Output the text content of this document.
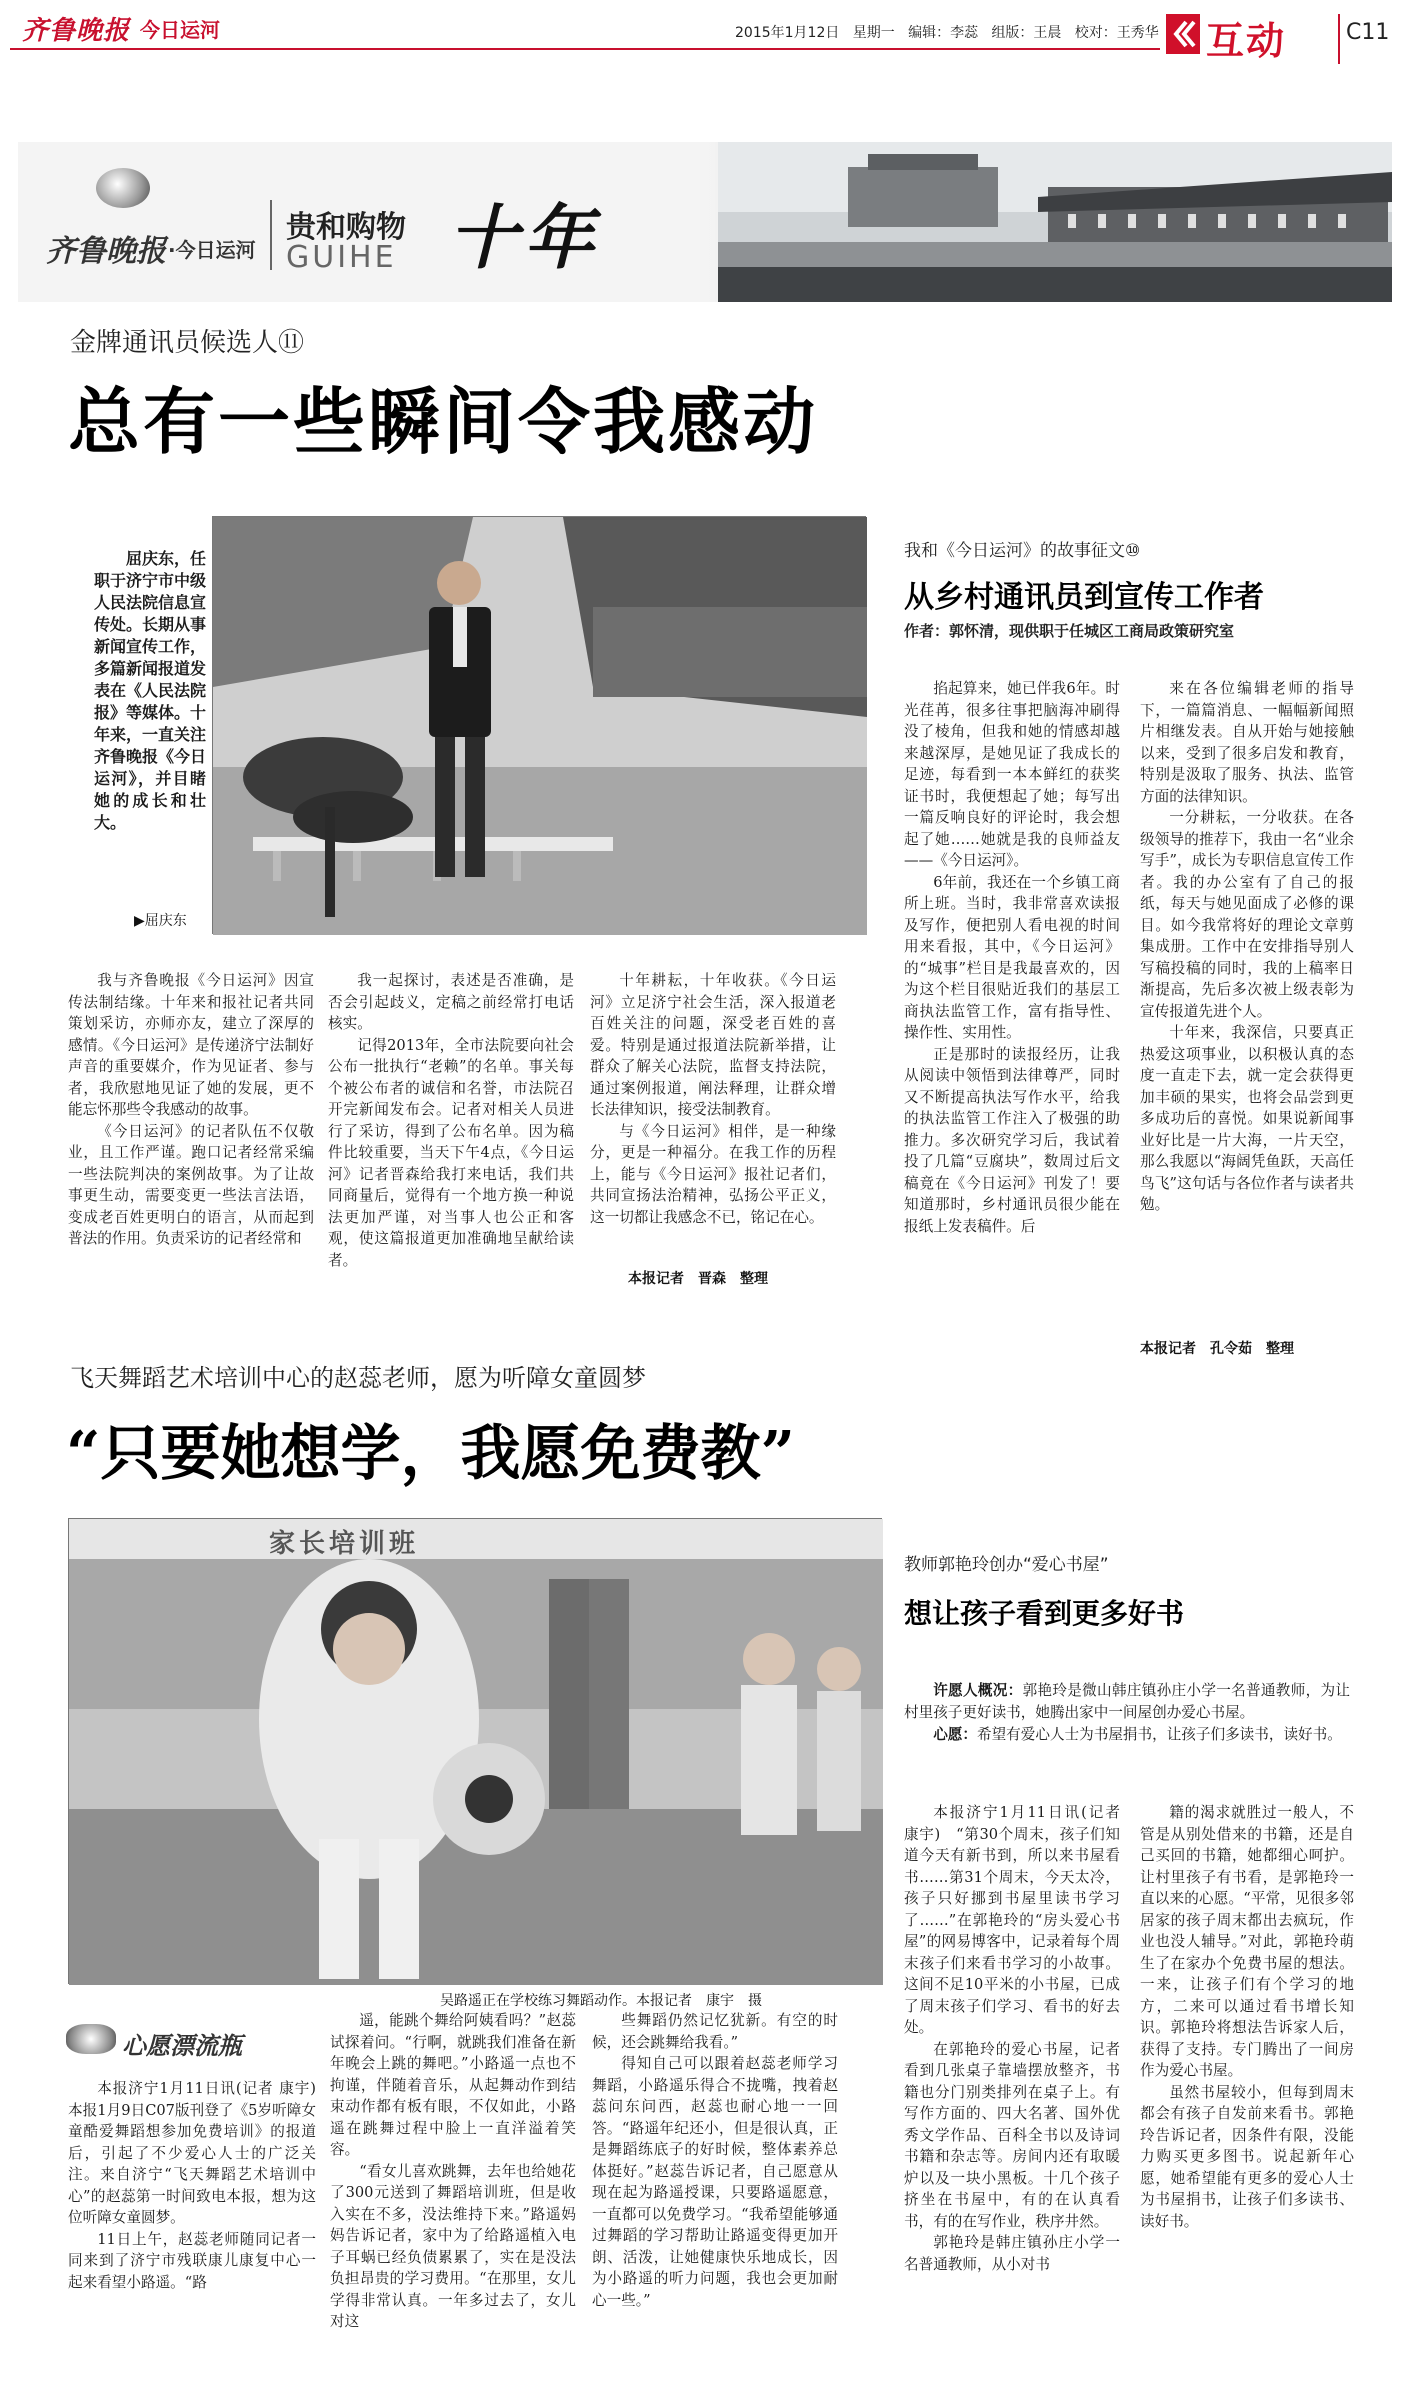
齐鲁晚报 今日运河	2015年1月12日 星期一 编辑：李蕊 组版：王晨 校对：王秀华 互动	C11
齐鲁晚报 ·今日运河
贵和购物
GUIHE 十年
金牌通讯员候选人⑪
总有一些瞬间令我感动

屈庆东，任职于济宁市中级人民法院信息宣传处。长期从事新闻宣传工作，多篇新闻报道发表在《人民法院报》等媒体。十年来，一直关注齐鲁晚报《今日运河》，并目睹她的成长和壮大。

▶屈庆东

我与齐鲁晚报《今日运河》因宣传法制结缘。十年来和报社记者共同策划采访，亦师亦友，建立了深厚的感情。《今日运河》是传递济宁法制好声音的重要媒介，作为见证者、参与者，我欣慰地见证了她的发展，更不能忘怀那些令我感动的故事。

《今日运河》的记者队伍不仅敬业，且工作严谨。跑口记者经常采编一些法院判决的案例故事。为了让故事更生动，需要变更一些法言法语，变成老百姓更明白的语言，从而起到普法的作用。负责采访的记者经常和

我一起探讨，表述是否准确，是否会引起歧义，定稿之前经常打电话核实。

记得2013年，全市法院要向社会公布一批执行“老赖”的名单。事关每个被公布者的诚信和名誉，市法院召开完新闻发布会。记者对相关人员进行了采访，得到了公布名单。因为稿件比较重要，当天下午4点，《今日运河》记者晋森给我打来电话，我们共同商量后，觉得有一个地方换一种说法更加严谨，对当事人也公正和客观，使这篇报道更加准确地呈献给读者。

十年耕耘，十年收获。《今日运河》立足济宁社会生活，深入报道老百姓关注的问题，深受老百姓的喜爱。特别是通过报道法院新举措，让群众了解关心法院，监督支持法院，通过案例报道，阐法释理，让群众增长法律知识，接受法制教育。

与《今日运河》相伴，是一种缘分，更是一种福分。在我工作的历程上，能与《今日运河》报社记者们，共同宣扬法治精神，弘扬公平正义，这一切都让我感念不已，铭记在心。

本报记者　晋森　整理
我和《今日运河》的故事征文⑩
从乡村通讯员到宣传工作者
作者：郭怀清，现供职于任城区工商局政策研究室

掐起算来，她已伴我6年。时光荏苒，很多往事把脑海冲刷得没了棱角，但我和她的情感却越来越深厚，是她见证了我成长的足迹，每看到一本本鲜红的获奖证书时，我便想起了她；每写出一篇反响良好的评论时，我会想起了她……她就是我的良师益友——《今日运河》。

6年前，我还在一个乡镇工商所上班。当时，我非常喜欢读报及写作，便把别人看电视的时间用来看报，其中，《今日运河》的“城事”栏目是我最喜欢的，因为这个栏目很贴近我们的基层工商执法监管工作，富有指导性、操作性、实用性。

正是那时的读报经历，让我从阅读中领悟到法律尊严，同时又不断提高执法写作水平，给我的执法监管工作注入了极强的助推力。多次研究学习后，我试着投了几篇“豆腐块”，数周过后文稿竟在《今日运河》刊发了！要知道那时，乡村通讯员很少能在报纸上发表稿件。后

来在各位编辑老师的指导下，一篇篇消息、一幅幅新闻照片相继发表。自从开始与她接触以来，受到了很多启发和教育，特别是汲取了服务、执法、监管方面的法律知识。

一分耕耘，一分收获。在各级领导的推荐下，我由一名“业余写手”，成长为专职信息宣传工作者。我的办公室有了自己的报纸，每天与她见面成了必修的课目。如今我常将好的理论文章剪集成册。工作中在安排指导别人写稿投稿的同时，我的上稿率日渐提高，先后多次被上级表彰为宣传报道先进个人。

十年来，我深信，只要真正热爱这项事业，以积极认真的态度一直走下去，就一定会获得更加丰硕的果实，也将会品尝到更多成功后的喜悦。如果说新闻事业好比是一片大海，一片天空，那么我愿以“海阔凭鱼跃，天高任鸟飞”这句话与各位作者与读者共勉。

本报记者　孔令茹　整理
飞天舞蹈艺术培训中心的赵蕊老师，愿为听障女童圆梦
“只要她想学，我愿免费教”
家长培训班
吴路遥正在学校练习舞蹈动作。本报记者　康宇　摄
心愿漂流瓶

本报济宁1月11日讯(记者 康宇)　本报1月9日C07版刊登了《5岁听障女童酷爱舞蹈想参加免费培训》的报道后，引起了不少爱心人士的广泛关注。来自济宁“飞天舞蹈艺术培训中心”的赵蕊第一时间致电本报，想为这位听障女童圆梦。

11日上午，赵蕊老师随同记者一同来到了济宁市残联康儿康复中心一起来看望小路遥。“路

遥，能跳个舞给阿姨看吗？”赵蕊试探着问。“行啊，就跳我们准备在新年晚会上跳的舞吧。”小路遥一点也不拘谨，伴随着音乐，从起舞动作到结束动作都有板有眼，不仅如此，小路遥在跳舞过程中脸上一直洋溢着笑容。

“看女儿喜欢跳舞，去年也给她花了300元送到了舞蹈培训班，但是收入实在不多，没法维持下来。”路遥妈妈告诉记者，家中为了给路遥植入电子耳蜗已经负债累累了，实在是没法负担昂贵的学习费用。“在那里，女儿学得非常认真。一年多过去了，女儿对这

些舞蹈仍然记忆犹新。有空的时候，还会跳舞给我看。”

得知自己可以跟着赵蕊老师学习舞蹈，小路遥乐得合不拢嘴，拽着赵蕊问东问西，赵蕊也耐心地一一回答。“路遥年纪还小，但是很认真，正是舞蹈练底子的好时候，整体素养总体挺好。”赵蕊告诉记者，自己愿意从现在起为路遥授课，只要路遥愿意，一直都可以免费学习。“我希望能够通过舞蹈的学习帮助让路遥变得更加开朗、活泼，让她健康快乐地成长，因为小路遥的听力问题，我也会更加耐心一些。”

教师郭艳玲创办“爱心书屋”
想让孩子看到更多好书

许愿人概况：郭艳玲是微山韩庄镇孙庄小学一名普通教师，为让村里孩子更好读书，她腾出家中一间屋创办爱心书屋。

心愿：希望有爱心人士为书屋捐书，让孩子们多读书，读好书。

本报济宁1月11日讯(记者　康宇)　“第30个周末，孩子们知道今天有新书到，所以来书屋看书……第31个周末，今天太冷，孩子只好挪到书屋里读书学习了……”在郭艳玲的“房头爱心书屋”的网易博客中，记录着每个周末孩子们来看书学习的小故事。这间不足10平米的小书屋，已成了周末孩子们学习、看书的好去处。

在郭艳玲的爱心书屋，记者看到几张桌子靠墙摆放整齐，书籍也分门别类排列在桌子上。有写作方面的、四大名著、国外优秀文学作品、百科全书以及诗词书籍和杂志等。房间内还有取暖炉以及一块小黑板。十几个孩子挤坐在书屋中，有的在认真看书，有的在写作业，秩序井然。

郭艳玲是韩庄镇孙庄小学一名普通教师，从小对书

籍的渴求就胜过一般人，不管是从别处借来的书籍，还是自己买回的书籍，她都细心呵护。让村里孩子有书看，是郭艳玲一直以来的心愿。“平常，见很多邻居家的孩子周末都出去疯玩，作业也没人辅导。”对此，郭艳玲萌生了在家办个免费书屋的想法。一来，让孩子们有个学习的地方，二来可以通过看书增长知识。郭艳玲将想法告诉家人后，获得了支持。专门腾出了一间房作为爱心书屋。

虽然书屋较小，但每到周末都会有孩子自发前来看书。郭艳玲告诉记者，因条件有限，没能力购买更多图书。说起新年心愿，她希望能有更多的爱心人士为书屋捐书，让孩子们多读书、读好书。
